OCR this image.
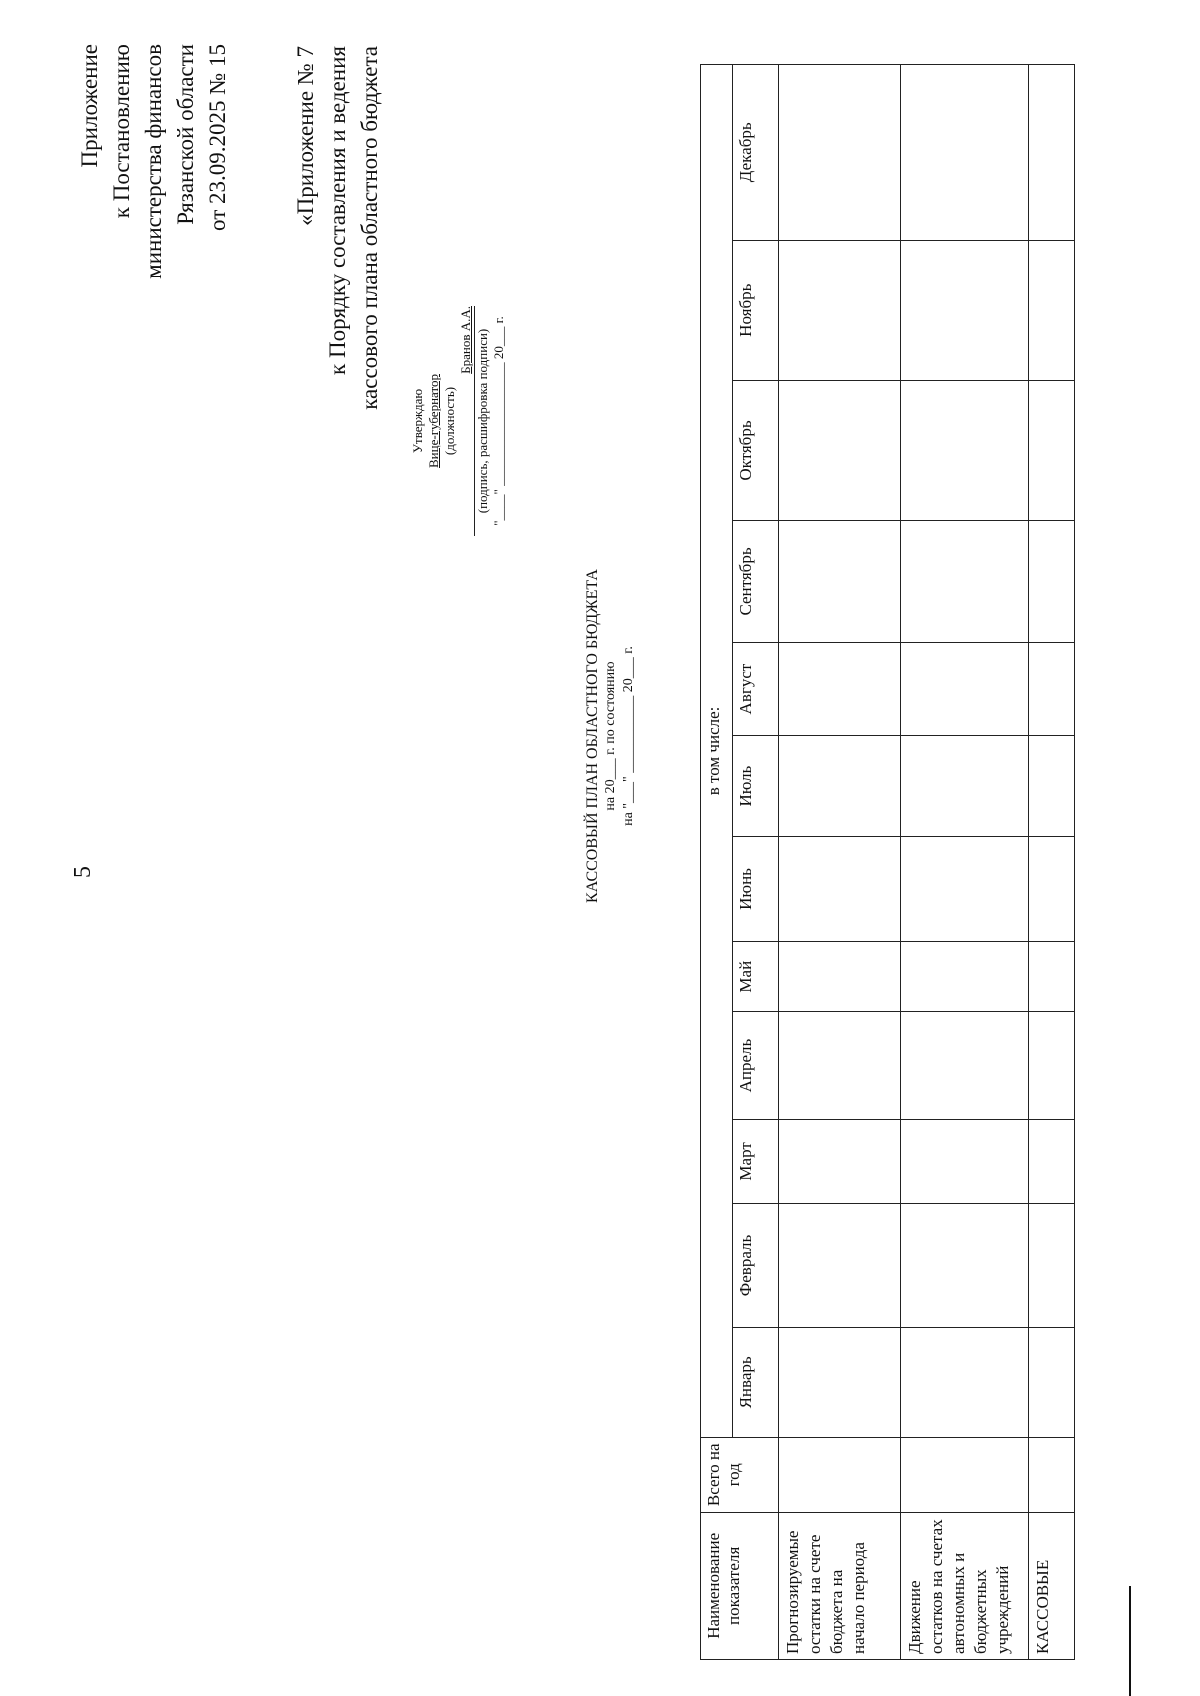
5
Приложение к Постановлению министерства финансов Рязанской области от 23.09.2025 № 15	«Приложение № 7 к Порядку составления и ведения кассового плана областного бюджета
Утверждаю Вице-губернатор (должность)
Бранов А.А. (подпись, расшифровка подписи) "____" ___________________ 20___ г.
КАССОВЫЙ ПЛАН ОБЛАСТНОГО БЮДЖЕТА на 20___ г. по состоянию на "___" ___________ 20___ г.
Наименование показателя	Всего на год	в том числе:											
		Январь	Февраль	Март	Апрель	Май	Июнь	Июль	Август	Сентябрь	Октябрь	Ноябрь	Декабрь
Прогнозируемые остатки на счете бюджета на начало периода													
Движение остатков на счетах автономных и бюджетных учреждений													
КАССОВЫЕ													
